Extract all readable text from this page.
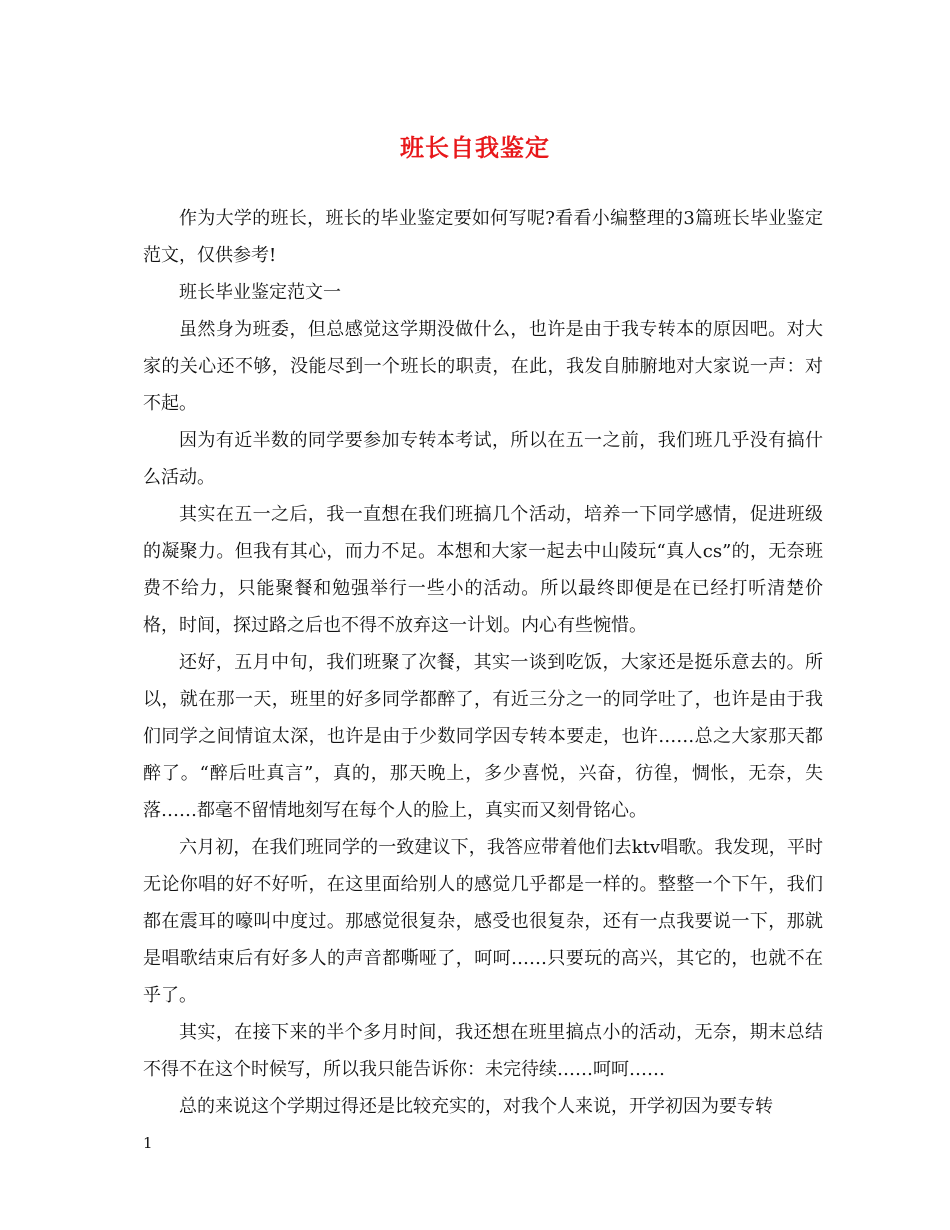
班长自我鉴定

作为大学的班长，班长的毕业鉴定要如何写呢?看看小编整理的3篇班长毕业鉴定范文，仅供参考!

班长毕业鉴定范文一

虽然身为班委，但总感觉这学期没做什么，也许是由于我专转本的原因吧。对大家的关心还不够，没能尽到一个班长的职责，在此，我发自肺腑地对大家说一声：对不起。

因为有近半数的同学要参加专转本考试，所以在五一之前，我们班几乎没有搞什么活动。

其实在五一之后，我一直想在我们班搞几个活动，培养一下同学感情，促进班级的凝聚力。但我有其心，而力不足。本想和大家一起去中山陵玩“真人cs”的，无奈班费不给力，只能聚餐和勉强举行一些小的活动。所以最终即便是在已经打听清楚价格，时间，探过路之后也不得不放弃这一计划。内心有些惋惜。

还好，五月中旬，我们班聚了次餐，其实一谈到吃饭，大家还是挺乐意去的。所以，就在那一天，班里的好多同学都醉了，有近三分之一的同学吐了，也许是由于我们同学之间情谊太深，也许是由于少数同学因专转本要走，也许……总之大家那天都醉了。“醉后吐真言”，真的，那天晚上，多少喜悦，兴奋，彷徨，惆怅，无奈，失落……都毫不留情地刻写在每个人的脸上，真实而又刻骨铭心。

六月初，在我们班同学的一致建议下，我答应带着他们去ktv唱歌。我发现，平时无论你唱的好不好听，在这里面给别人的感觉几乎都是一样的。整整一个下午，我们都在震耳的嚎叫中度过。那感觉很复杂，感受也很复杂，还有一点我要说一下，那就是唱歌结束后有好多人的声音都嘶哑了，呵呵……只要玩的高兴，其它的，也就不在乎了。

其实，在接下来的半个多月时间，我还想在班里搞点小的活动，无奈，期末总结不得不在这个时候写，所以我只能告诉你：未完待续……呵呵……

总的来说这个学期过得还是比较充实的，对我个人来说，开学初因为要专转

1
